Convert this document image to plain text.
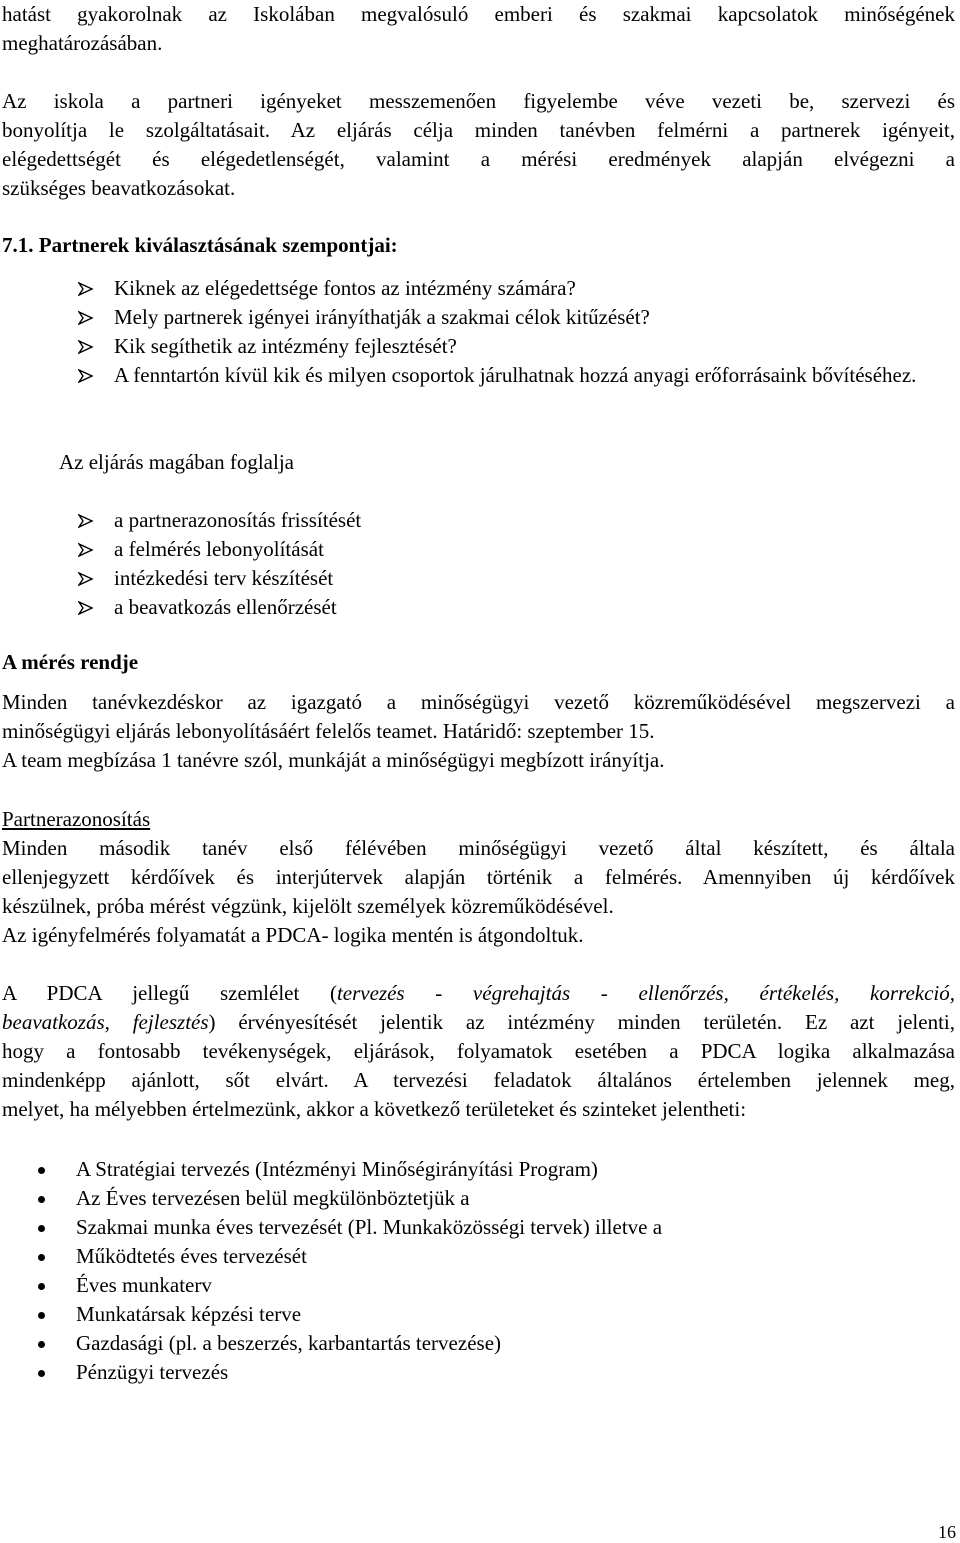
hatást gyakorolnak az Iskolában megvalósuló emberi és szakmai kapcsolatok minőségének
meghatározásában.
Az iskola a partneri igényeket messzemenően figyelembe véve vezeti be, szervezi és
bonyolítja le szolgáltatásait. Az eljárás célja minden tanévben felmérni a partnerek igényeit,
elégedettségét és elégedetlenségét, valamint a mérési eredmények alapján elvégezni a
szükséges beavatkozásokat.
7.1. Partnerek kiválasztásának szempontjai:
Kiknek az elégedettsége fontos az intézmény számára?
Mely partnerek igényei irányíthatják a szakmai célok kitűzését?
Kik segíthetik az intézmény fejlesztését?
A fenntartón kívül kik és milyen csoportok járulhatnak hozzá anyagi erőforrásaink bővítéséhez.
Az eljárás magában foglalja
a partnerazonosítás frissítését
a felmérés lebonyolítását
intézkedési terv készítését
a beavatkozás ellenőrzését
A mérés rendje
Minden tanévkezdéskor az igazgató a minőségügyi vezető közreműködésével megszervezi a
minőségügyi eljárás lebonyolításáért felelős teamet. Határidő: szeptember 15.
A team megbízása 1 tanévre szól, munkáját a minőségügyi megbízott irányítja.
Partnerazonosítás
Minden második tanév első félévében minőségügyi vezető által készített, és általa
ellenjegyzett kérdőívek és interjútervek alapján történik a felmérés. Amennyiben új kérdőívek
készülnek, próba mérést végzünk, kijelölt személyek közreműködésével.
Az igényfelmérés folyamatát a PDCA- logika mentén is átgondoltuk.
A PDCA jellegű szemlélet (tervezés - végrehajtás - ellenőrzés, értékelés, korrekció,
beavatkozás, fejlesztés) érvényesítését jelentik az intézmény minden területén. Ez azt jelenti,
hogy a fontosabb tevékenységek, eljárások, folyamatok esetében a PDCA logika alkalmazása
mindenképp ajánlott, sőt elvárt. A tervezési feladatok általános értelemben jelennek meg,
melyet, ha mélyebben értelmezünk, akkor a következő területeket és szinteket jelentheti:
A Stratégiai tervezés (Intézményi Minőségirányítási Program)
Az Éves tervezésen belül megkülönböztetjük a
Szakmai munka éves tervezését (Pl. Munkaközösségi tervek) illetve a
Működtetés éves tervezését
Éves munkaterv
Munkatársak képzési terve
Gazdasági (pl. a beszerzés, karbantartás tervezése)
Pénzügyi tervezés
16
